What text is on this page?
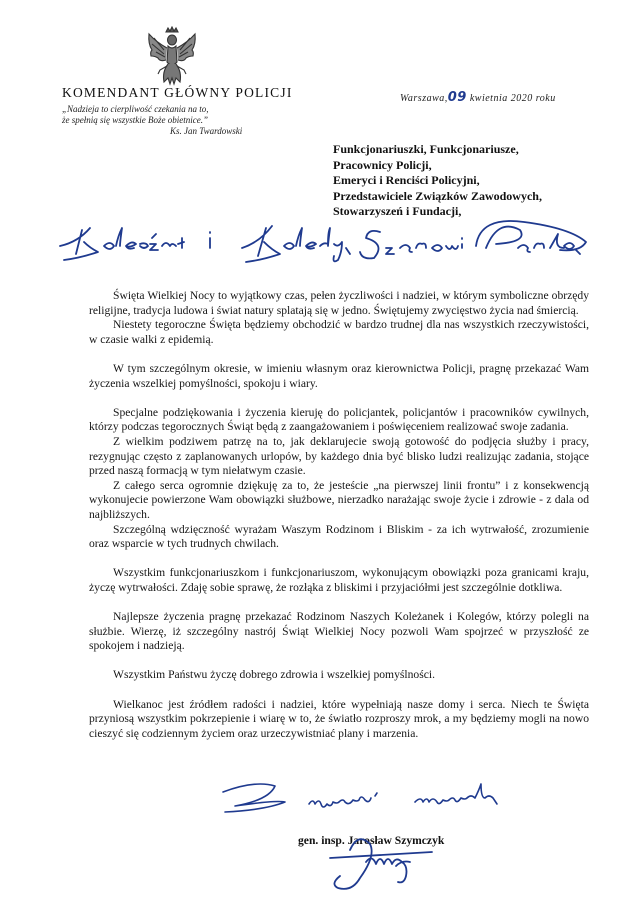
KOMENDANT GŁÓWNY POLICJI
„Nadzieja to cierpliwość czekania na to,
że spełnią się wszystkie Boże obietnice.”
Ks. Jan Twardowski
Warszawa,09 kwietnia 2020 roku
Funkcjonariuszki, Funkcjonariusze,
Pracownicy Policji,
Emeryci i Renciści Policyjni,
Przedstawiciele Związków Zawodowych,
Stowarzyszeń i Fundacji,

Święta Wielkiej Nocy to wyjątkowy czas, pełen życzliwości i nadziei, w którym symboliczne obrzędy religijne, tradycja ludowa i świat natury splatają się w jedno. Świętujemy zwycięstwo życia nad śmiercią.

Niestety tegoroczne Święta będziemy obchodzić w bardzo trudnej dla nas wszystkich rzeczywistości, w czasie walki z epidemią.

W tym szczególnym okresie, w imieniu własnym oraz kierownictwa Policji, pragnę przekazać Wam życzenia wszelkiej pomyślności, spokoju i wiary.

Specjalne podziękowania i życzenia kieruję do policjantek, policjantów i pracowników cywilnych, którzy podczas tegorocznych Świąt będą z zaangażowaniem i poświęceniem realizować swoje zadania.

Z wielkim podziwem patrzę na to, jak deklarujecie swoją gotowość do podjęcia służby i pracy, rezygnując często z zaplanowanych urlopów, by każdego dnia być blisko ludzi realizując zadania, stojące przed naszą formacją w tym niełatwym czasie.

Z całego serca ogromnie dziękuję za to, że jesteście „na pierwszej linii frontu” i z konsekwencją wykonujecie powierzone Wam obowiązki służbowe, nierzadko narażając swoje życie i zdrowie - z dala od najbliższych.

Szczególną wdzięczność wyrażam Waszym Rodzinom i Bliskim - za ich wytrwałość, zrozumienie oraz wsparcie w tych trudnych chwilach.

Wszystkim funkcjonariuszkom i funkcjonariuszom, wykonującym obowiązki poza granicami kraju, życzę wytrwałości. Zdaję sobie sprawę, że rozłąka z bliskimi i przyjaciółmi jest szczególnie dotkliwa.

Najlepsze życzenia pragnę przekazać Rodzinom Naszych Koleżanek i Kolegów, którzy polegli na służbie. Wierzę, iż szczególny nastrój Świąt Wielkiej Nocy pozwoli Wam spojrzeć w przyszłość ze spokojem i nadzieją.

Wszystkim Państwu życzę dobrego zdrowia i wszelkiej pomyślności.

Wielkanoc jest źródłem radości i nadziei, które wypełniają nasze domy i serca. Niech te Święta przyniosą wszystkim pokrzepienie i wiarę w to, że światło rozproszy mrok, a my będziemy mogli na nowo cieszyć się codziennym życiem oraz urzeczywistniać plany i marzenia.

gen. insp. Jarosław Szymczyk
